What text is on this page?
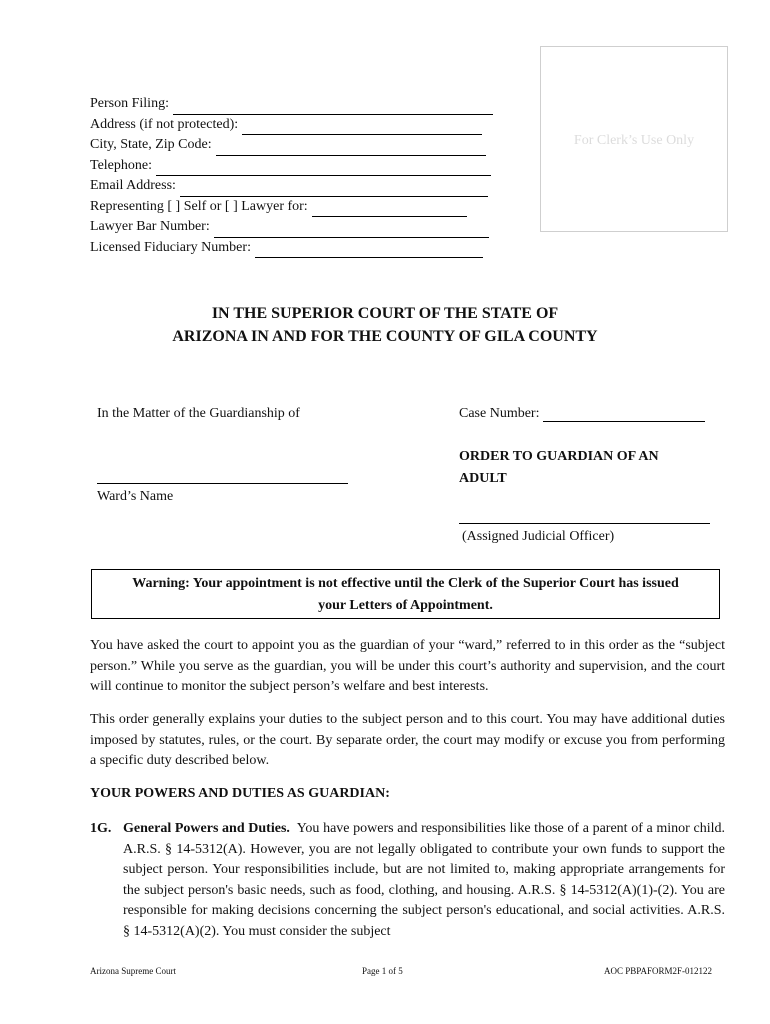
For Clerk’s Use Only
Person Filing:
Address (if not protected):
City, State, Zip Code:
Telephone:
Email Address:
Representing [ ] Self or [ ] Lawyer for:
Lawyer Bar Number:
Licensed Fiduciary Number:
IN THE SUPERIOR COURT OF THE STATE OF
ARIZONA IN AND FOR THE COUNTY OF GILA COUNTY
In the Matter of the Guardianship of
Ward’s Name
Case Number:
ORDER TO GUARDIAN OF AN
ADULT
(Assigned Judicial Officer)
Warning: Your appointment is not effective until the Clerk of the Superior Court has issued
your Letters of Appointment.
You have asked the court to appoint you as the guardian of your “ward,” referred to in this order as the “subject person.” While you serve as the guardian, you will be under this court’s authority and supervision, and the court will continue to monitor the subject person’s welfare and best interests.
This order generally explains your duties to the subject person and to this court. You may have additional duties imposed by statutes, rules, or the court. By separate order, the court may modify or excuse you from performing a specific duty described below.
YOUR POWERS AND DUTIES AS GUARDIAN:
1G. General Powers and Duties. You have powers and responsibilities like those of a parent of a minor child. A.R.S. § 14-5312(A). However, you are not legally obligated to contribute your own funds to support the subject person. Your responsibilities include, but are not limited to, making appropriate arrangements for the subject person's basic needs, such as food, clothing, and housing. A.R.S. § 14-5312(A)(1)-(2). You are responsible for making decisions concerning the subject person's educational, and social activities. A.R.S. § 14-5312(A)(2). You must consider the subject
Arizona Supreme Court	Page 1 of 5	AOC PBPAFORM2F-012122
